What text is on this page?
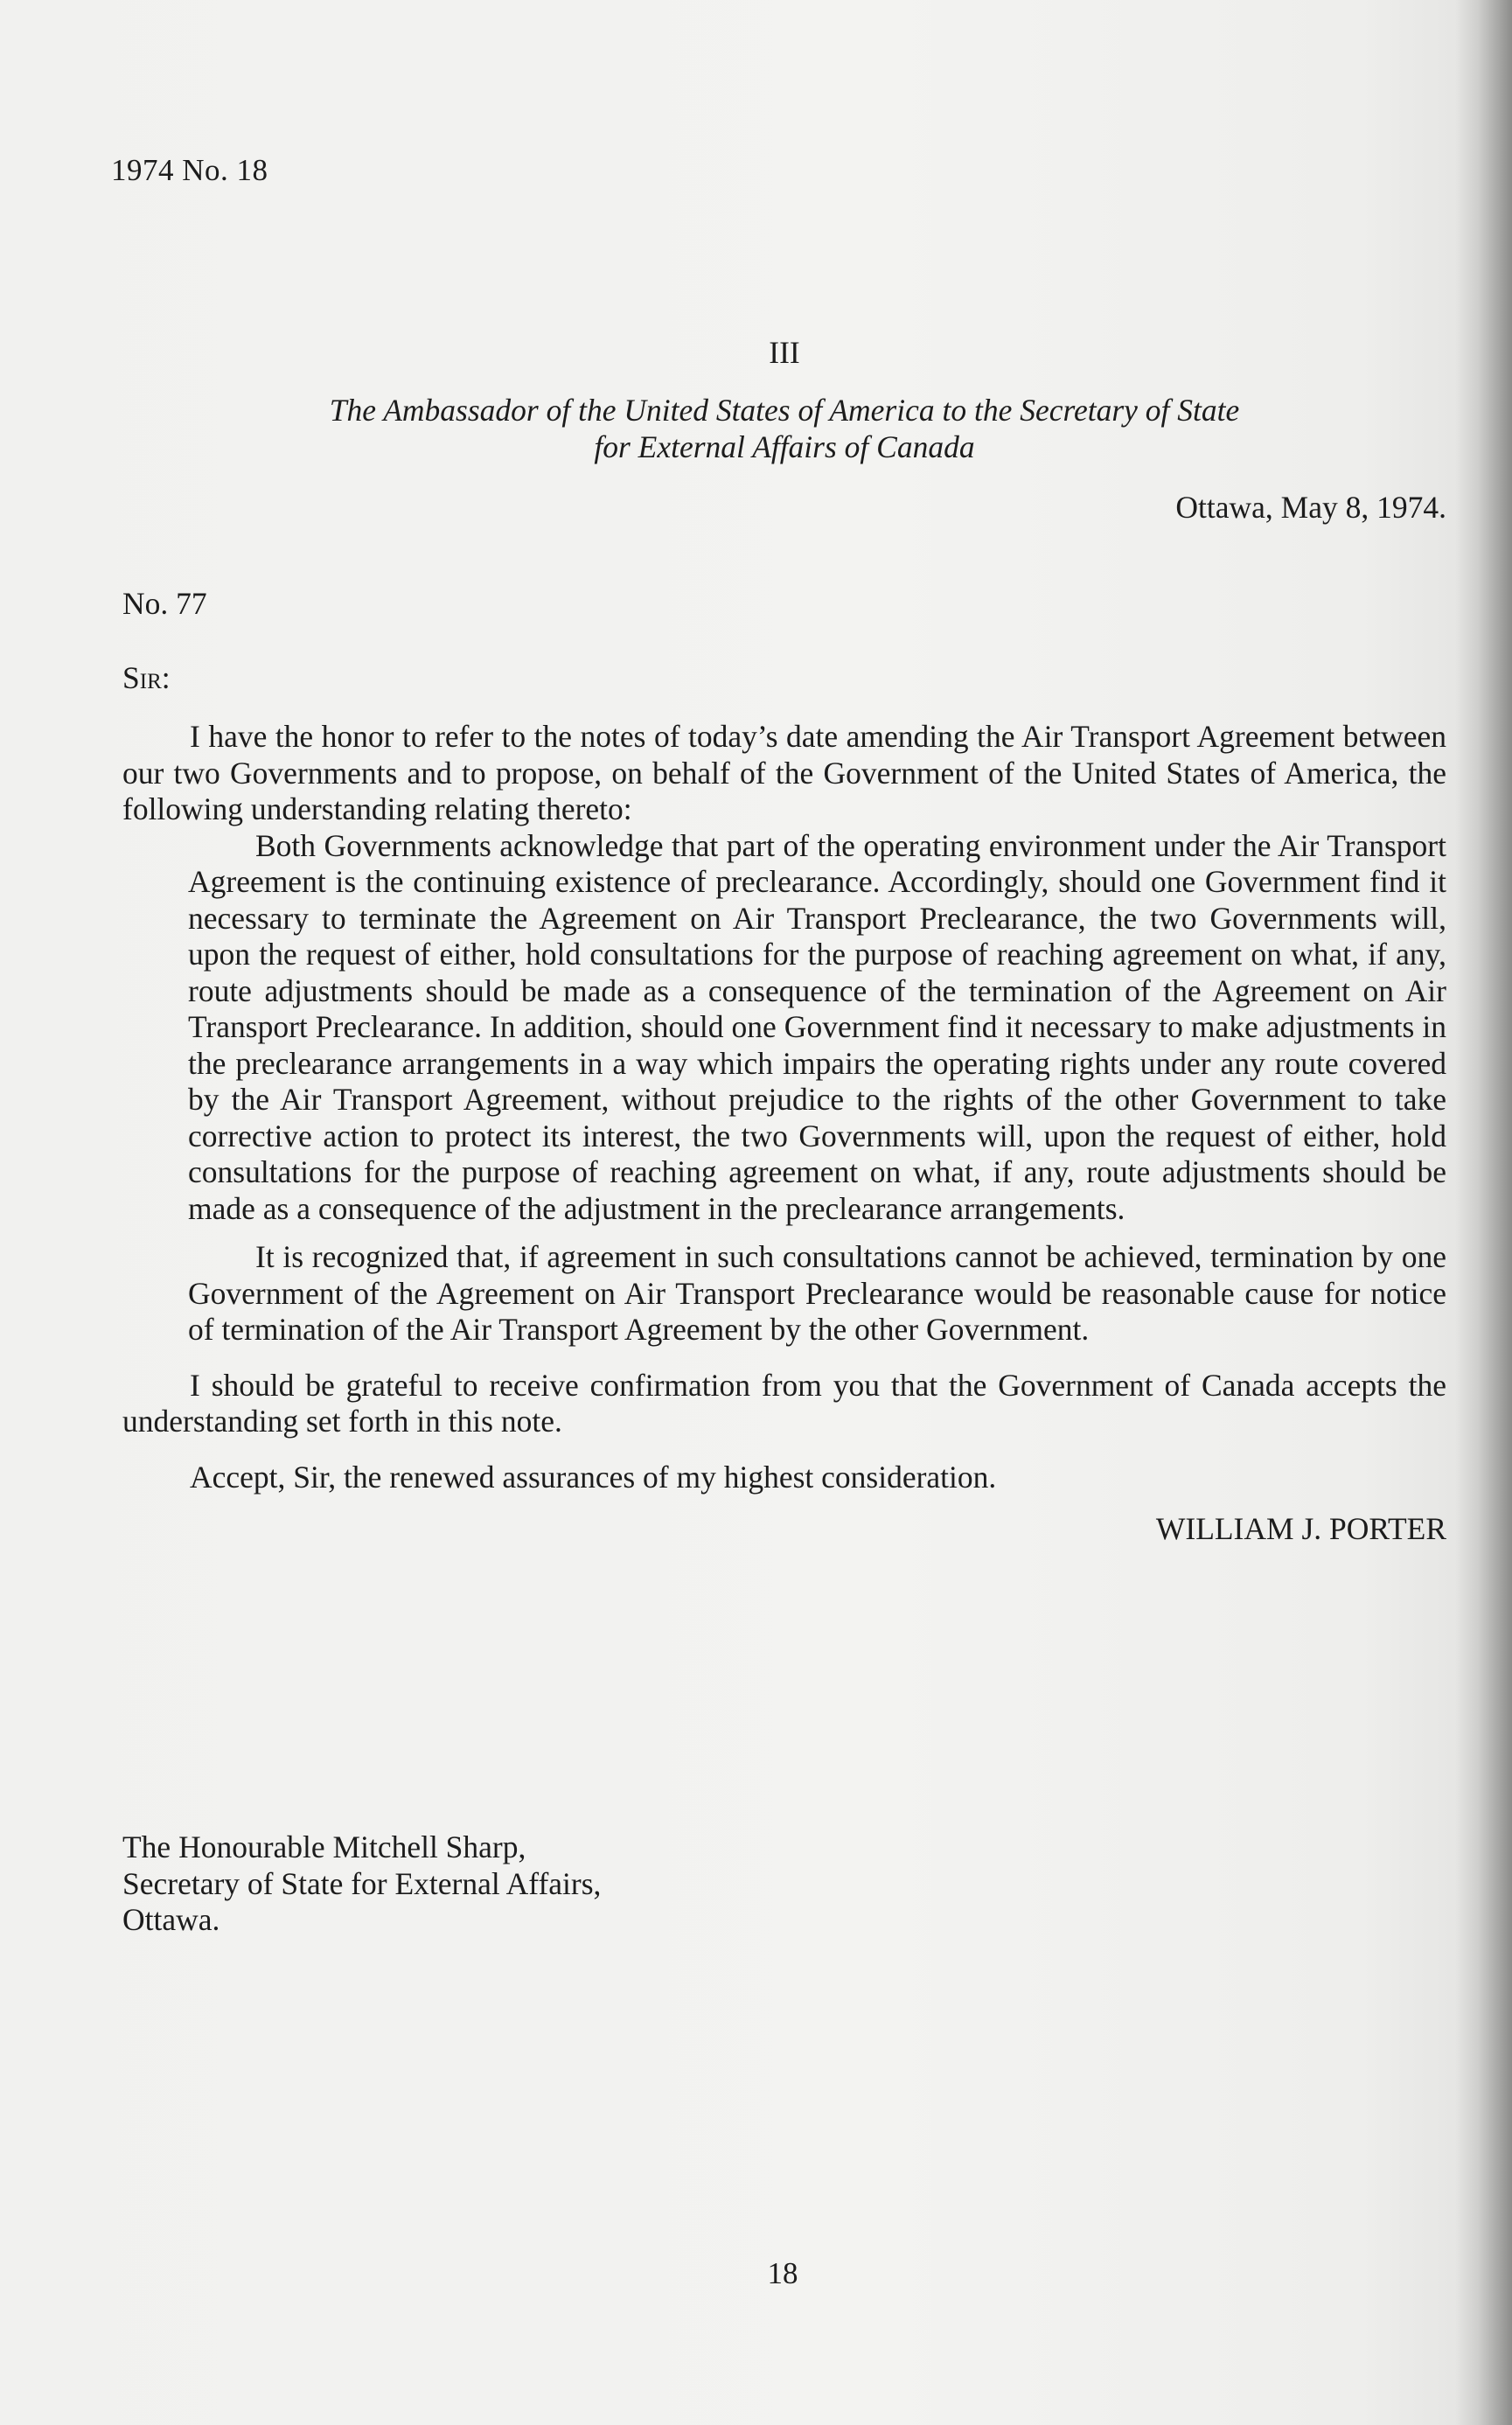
1974 No. 18
III
The Ambassador of the United States of America to the Secretary of State
for External Affairs of Canada
Ottawa, May 8, 1974.
No. 77
Sir:

I have the honor to refer to the notes of today’s date amending the Air Transport Agreement between our two Governments and to propose, on behalf of the Government of the United States of America, the following understanding relating thereto:

Both Governments acknowledge that part of the operating environment under the Air Transport Agreement is the continuing existence of preclearance. Accordingly, should one Government find it necessary to terminate the Agreement on Air Transport Preclearance, the two Governments will, upon the request of either, hold consultations for the purpose of reaching agreement on what, if any, route adjustments should be made as a consequence of the termination of the Agreement on Air Transport Preclearance. In addition, should one Government find it necessary to make adjustments in the preclearance arrangements in a way which impairs the operating rights under any route covered by the Air Transport Agreement, without prejudice to the rights of the other Government to take corrective action to protect its interest, the two Governments will, upon the request of either, hold consultations for the purpose of reaching agreement on what, if any, route adjustments should be made as a consequence of the adjustment in the preclearance arrangements.

It is recognized that, if agreement in such consultations cannot be achieved, termination by one Government of the Agreement on Air Transport Preclearance would be reasonable cause for notice of termination of the Air Transport Agreement by the other Government.

I should be grateful to receive confirmation from you that the Government of Canada accepts the understanding set forth in this note.

Accept, Sir, the renewed assurances of my highest consideration.

WILLIAM J. PORTER

The Honourable Mitchell Sharp,
Secretary of State for External Affairs,
Ottawa.
18
